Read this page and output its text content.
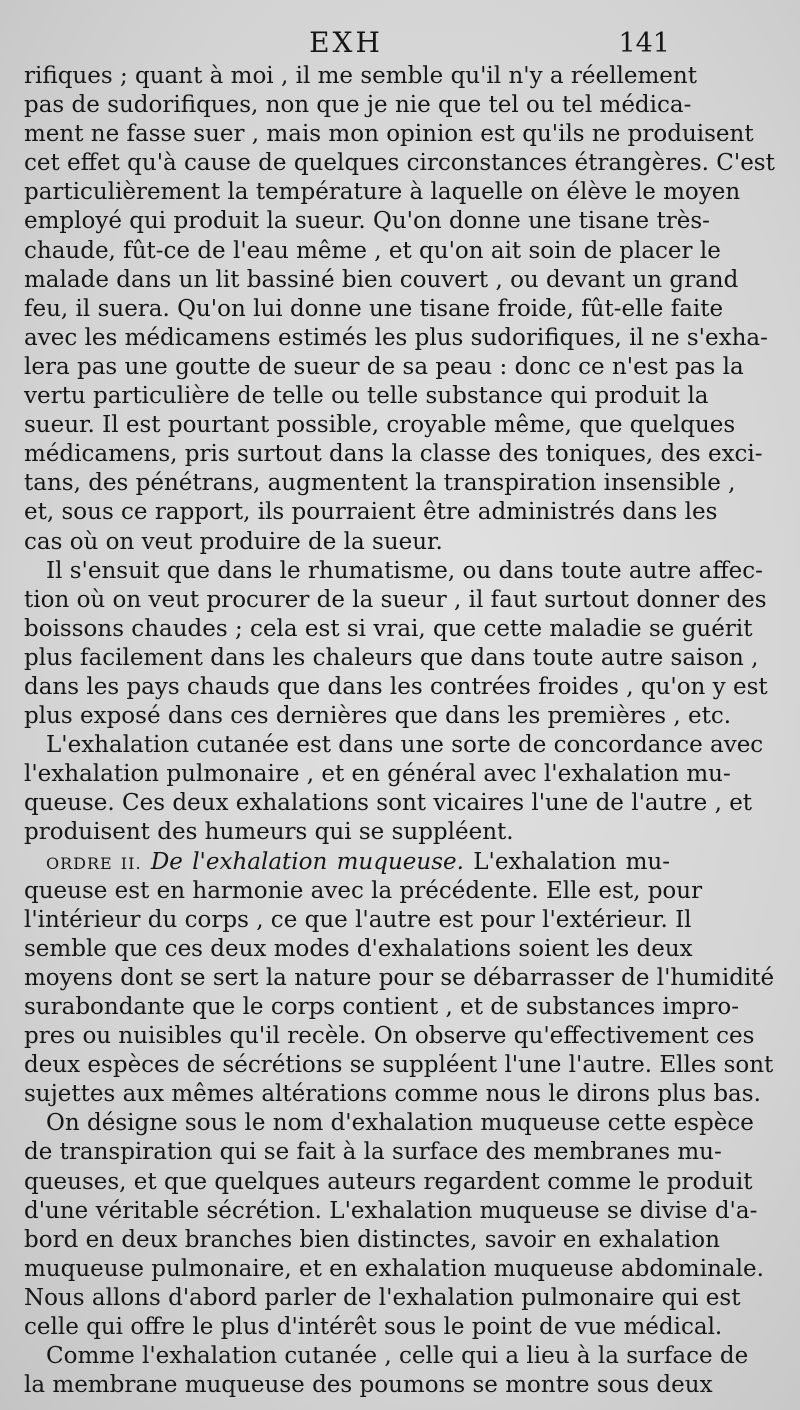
EXH	141
rifiques ; quant à moi , il me semble qu'il n'y a réellement
pas de sudorifiques, non que je nie que tel ou tel médica-
ment ne fasse suer , mais mon opinion est qu'ils ne produisent
cet effet qu'à cause de quelques circonstances étrangères. C'est
particulièrement la température à laquelle on élève le moyen
employé qui produit la sueur. Qu'on donne une tisane très-
chaude, fût-ce de l'eau même , et qu'on ait soin de placer le
malade dans un lit bassiné bien couvert , ou devant un grand
feu, il suera. Qu'on lui donne une tisane froide, fût-elle faite
avec les médicamens estimés les plus sudorifiques, il ne s'exha-
lera pas une goutte de sueur de sa peau : donc ce n'est pas la
vertu particulière de telle ou telle substance qui produit la
sueur. Il est pourtant possible, croyable même, que quelques
médicamens, pris surtout dans la classe des toniques, des exci-
tans, des pénétrans, augmentent la transpiration insensible ,
et, sous ce rapport, ils pourraient être administrés dans les
cas où on veut produire de la sueur.
Il s'ensuit que dans le rhumatisme, ou dans toute autre affec-
tion où on veut procurer de la sueur , il faut surtout donner des
boissons chaudes ; cela est si vrai, que cette maladie se guérit
plus facilement dans les chaleurs que dans toute autre saison ,
dans les pays chauds que dans les contrées froides , qu'on y est
plus exposé dans ces dernières que dans les premières , etc.
L'exhalation cutanée est dans une sorte de concordance avec
l'exhalation pulmonaire , et en général avec l'exhalation mu-
queuse. Ces deux exhalations sont vicaires l'une de l'autre , et
produisent des humeurs qui se suppléent.
ORDRE II. De l'exhalation muqueuse. L'exhalation mu-
queuse est en harmonie avec la précédente. Elle est, pour
l'intérieur du corps , ce que l'autre est pour l'extérieur. Il
semble que ces deux modes d'exhalations soient les deux
moyens dont se sert la nature pour se débarrasser de l'humidité
surabondante que le corps contient , et de substances impro-
pres ou nuisibles qu'il recèle. On observe qu'effectivement ces
deux espèces de sécrétions se suppléent l'une l'autre. Elles sont
sujettes aux mêmes altérations comme nous le dirons plus bas.
On désigne sous le nom d'exhalation muqueuse cette espèce
de transpiration qui se fait à la surface des membranes mu-
queuses, et que quelques auteurs regardent comme le produit
d'une véritable sécrétion. L'exhalation muqueuse se divise d'a-
bord en deux branches bien distinctes, savoir en exhalation
muqueuse pulmonaire, et en exhalation muqueuse abdominale.
Nous allons d'abord parler de l'exhalation pulmonaire qui est
celle qui offre le plus d'intérêt sous le point de vue médical.
Comme l'exhalation cutanée , celle qui a lieu à la surface de
la membrane muqueuse des poumons se montre sous deux
